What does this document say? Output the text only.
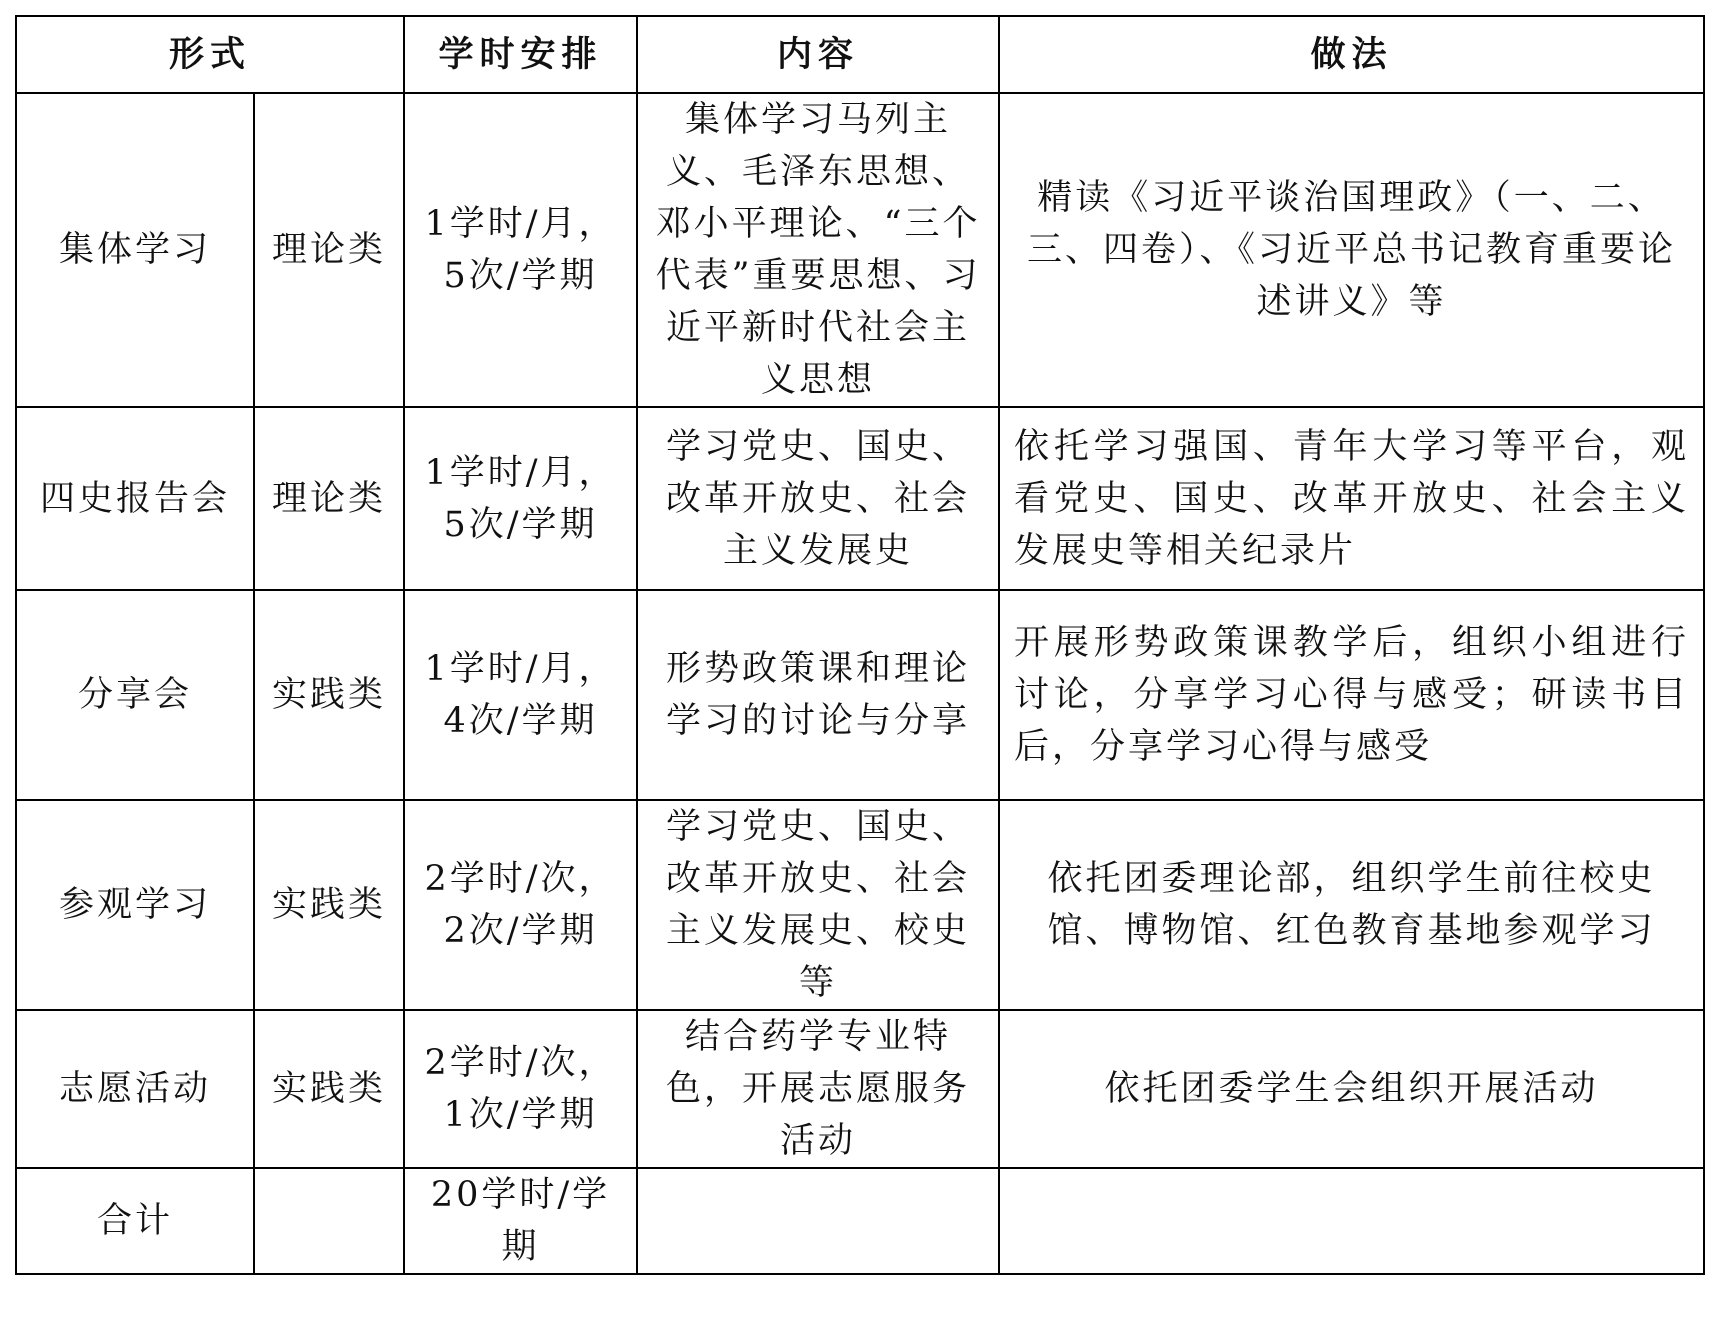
形式		学时安排	内容	做法
集体学习	理论类	1学时/月，5次/学期	集体学习马列主义、毛泽东思想、邓小平理论、“三个代表”重要思想、习近平新时代社会主义思想	精读《习近平谈治国理政》（一、二、三、四卷）、《习近平总书记教育重要论述讲义》等
四史报告会	理论类	1学时/月，5次/学期	学习党史、国史、改革开放史、社会主义发展史	依托学习强国、青年大学习等平台，观看党史、国史、改革开放史、社会主义发展史等相关纪录片
分享会	实践类	1学时/月，4次/学期	形势政策课和理论学习的讨论与分享	开展形势政策课教学后，组织小组进行讨论，分享学习心得与感受；研读书目后，分享学习心得与感受
参观学习	实践类	2学时/次，2次/学期	学习党史、国史、改革开放史、社会主义发展史、校史等	依托团委理论部，组织学生前往校史馆、博物馆、红色教育基地参观学习
志愿活动	实践类	2学时/次，1次/学期	结合药学专业特色，开展志愿服务活动	依托团委学生会组织开展活动
合计		20学时/学期		
